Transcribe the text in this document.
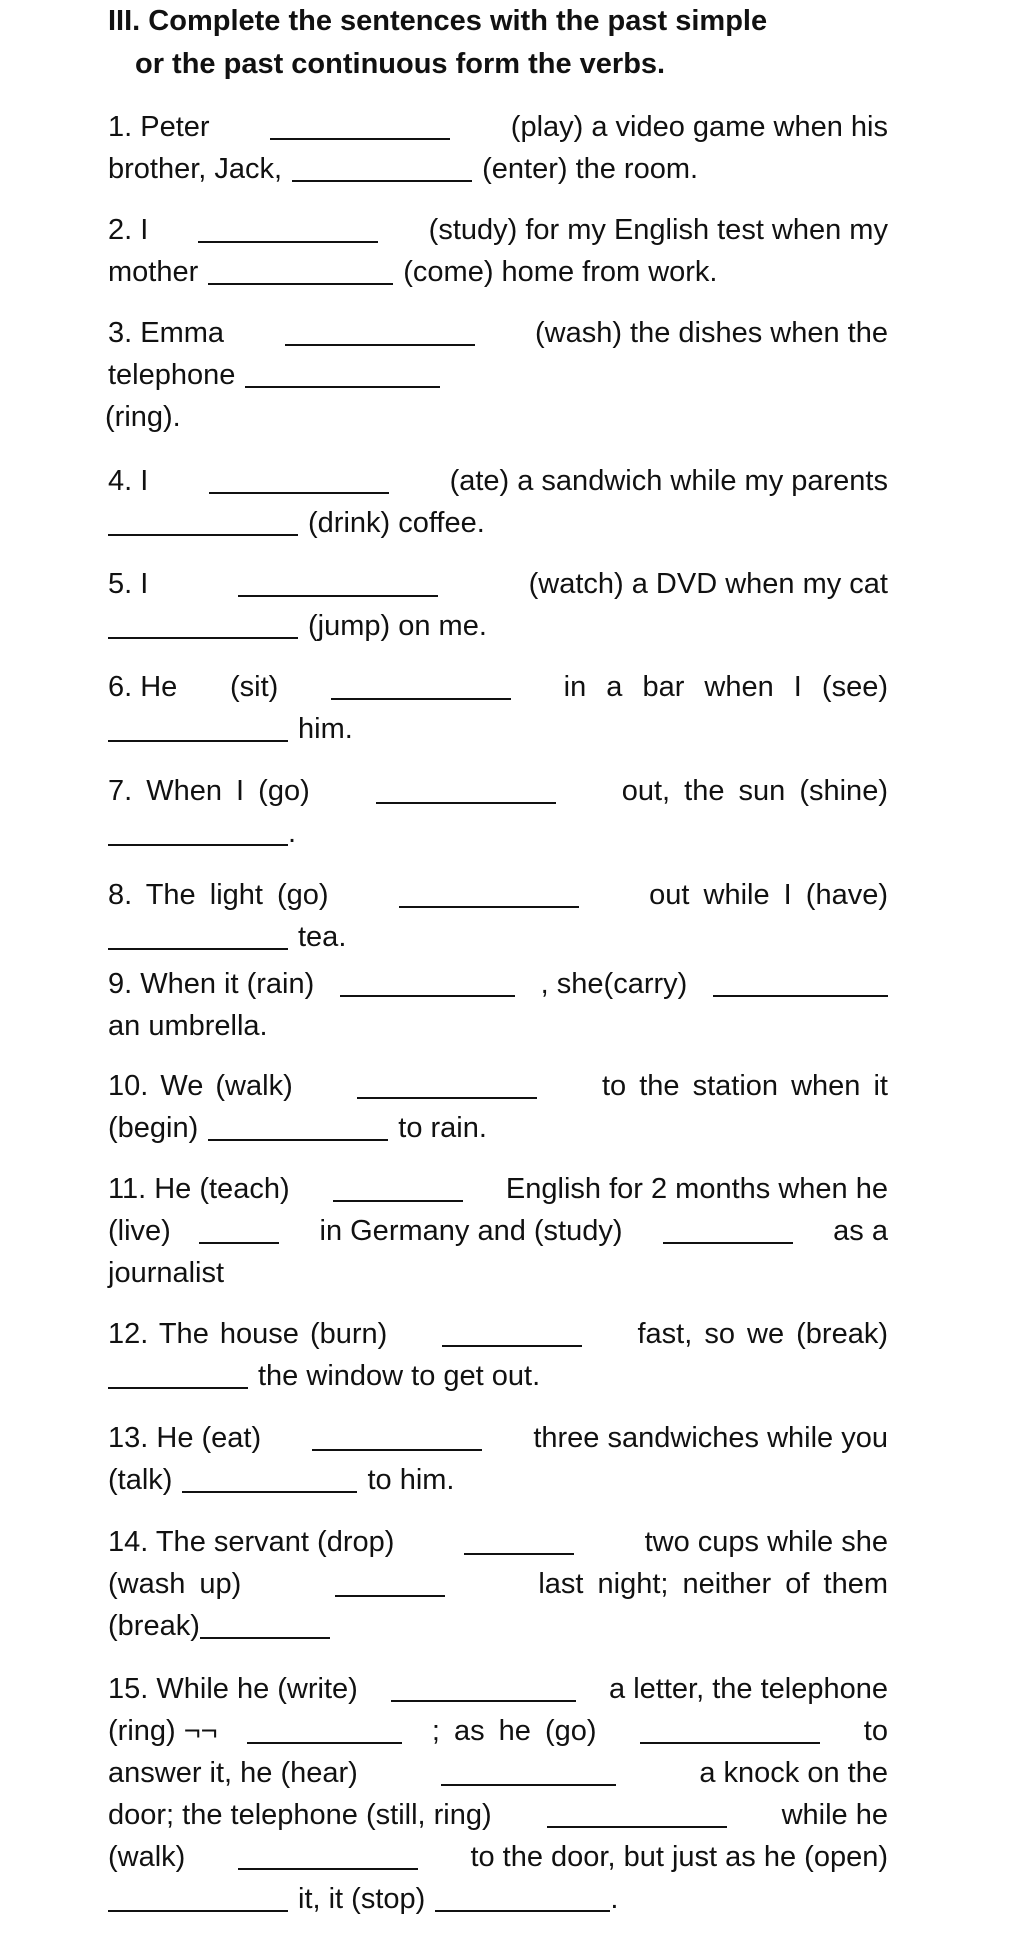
III. Complete the sentences with the past simple
or the past continuous form the verbs.
1. Peter	(play) a video game when his
brother, Jack,	(enter) the room.
2. I	(study) for my English test when my
mother	(come) home from work.
3. Emma	(wash) the dishes when the
telephone
(ring).
4. I	(ate) a sandwich while my parents
(drink) coffee.
5. I	(watch) a DVD when my cat
(jump) on me.
6. He (sit)	in a bar when I (see)
him.
7. When I (go)	out, the sun (shine)
.
8. The light (go)	out while I (have)
tea.
9. When it (rain)	, she(carry)
an umbrella.
10. We (walk)	to the station when it
(begin)	to rain.
11. He (teach)	English for 2 months when he
(live)	in Germany and (study)	as a
journalist
12. The house (burn)	fast, so we (break)
the window to get out.
13. He (eat)	three sandwiches while you
(talk)	to him.
14. The servant (drop)	two cups while she
(wash up)	last night; neither of them
(break)
15. While he (write)	a letter, the telephone
(ring) ¬¬	; as he (go)	to
answer it, he (hear)	a knock on the
door; the telephone (still, ring)	while he
(walk)	to the door, but just as he (open)
it, it (stop)	.
